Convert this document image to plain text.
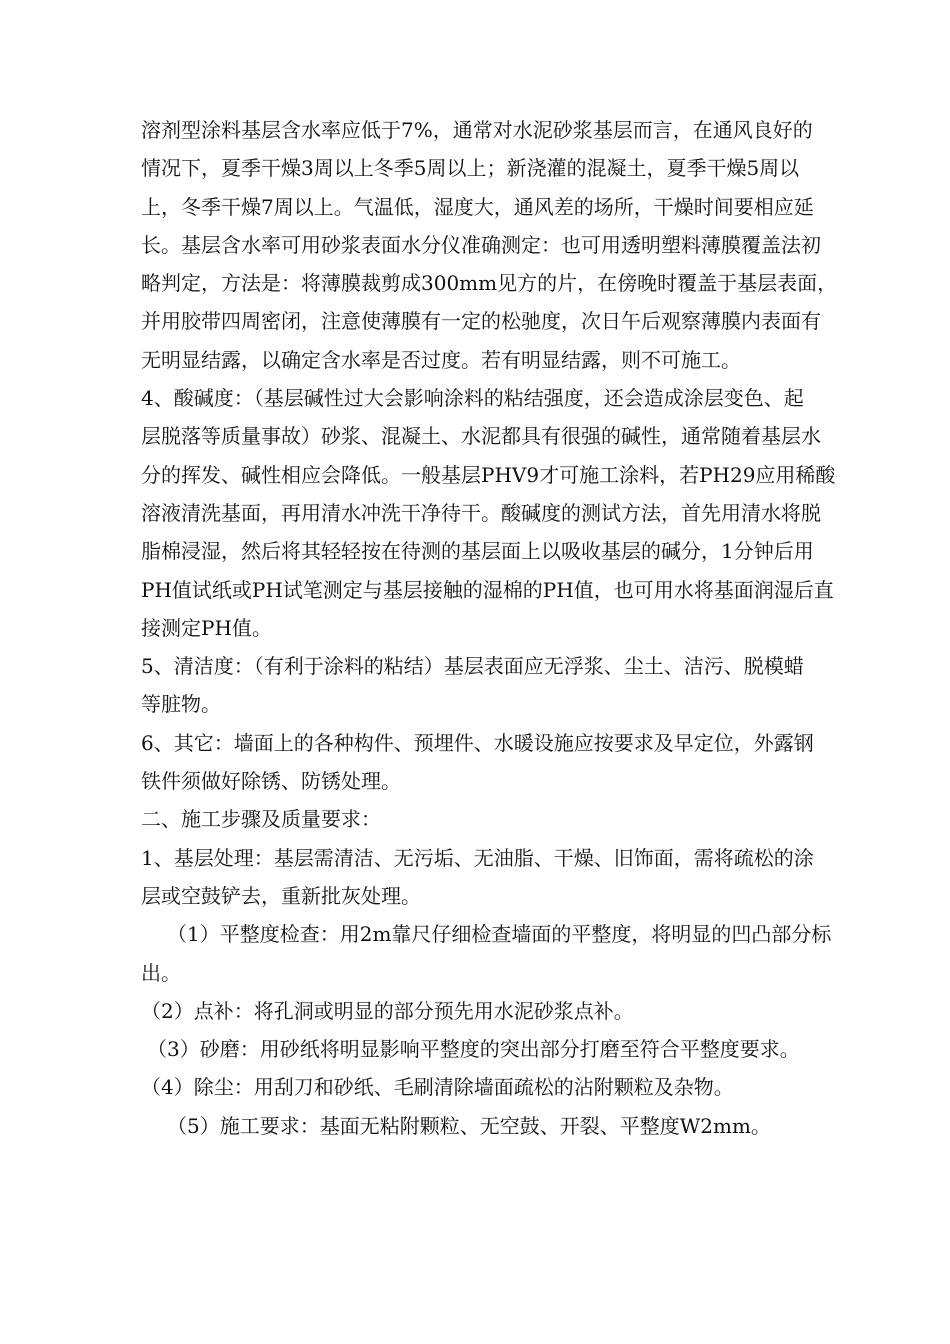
溶剂型涂料基层含水率应低于7%，通常对水泥砂浆基层而言，在通风良好的
情况下，夏季干燥3周以上冬季5周以上；新浇灌的混凝土，夏季干燥5周以
上，冬季干燥7周以上。气温低，湿度大，通风差的场所，干燥时间要相应延
长。基层含水率可用砂浆表面水分仪准确测定：也可用透明塑料薄膜覆盖法初
略判定，方法是：将薄膜裁剪成300mm见方的片，在傍晚时覆盖于基层表面，
并用胶带四周密闭，注意使薄膜有一定的松驰度，次日午后观察薄膜内表面有
无明显结露，以确定含水率是否过度。若有明显结露，则不可施工。
4、酸碱度：（基层碱性过大会影响涂料的粘结强度，还会造成涂层变色、起
层脱落等质量事故）砂浆、混凝土、水泥都具有很强的碱性，通常随着基层水
分的挥发、碱性相应会降低。一般基层PHV9才可施工涂料，若PH29应用稀酸
溶液清洗基面，再用清水冲洗干净待干。酸碱度的测试方法，首先用清水将脱
脂棉浸湿，然后将其轻轻按在待测的基层面上以吸收基层的碱分，1分钟后用
PH值试纸或PH试笔测定与基层接触的湿棉的PH值，也可用水将基面润湿后直
接测定PH值。
5、清洁度：（有利于涂料的粘结）基层表面应无浮浆、尘土、洁污、脱模蜡
等脏物。
6、其它：墙面上的各种构件、预埋件、水暖设施应按要求及早定位，外露钢
铁件须做好除锈、防锈处理。
二、施工步骤及质量要求：
1、基层处理：基层需清洁、无污垢、无油脂、干燥、旧饰面，需将疏松的涂
层或空鼓铲去，重新批灰处理。
（1）平整度检查：用2m靠尺仔细检查墙面的平整度，将明显的凹凸部分标
出。
（2）点补：将孔洞或明显的部分预先用水泥砂浆点补。
（3）砂磨：用砂纸将明显影响平整度的突出部分打磨至符合平整度要求。
（4）除尘：用刮刀和砂纸、毛刷清除墙面疏松的沾附颗粒及杂物。
（5）施工要求：基面无粘附颗粒、无空鼓、开裂、平整度W2mm。
